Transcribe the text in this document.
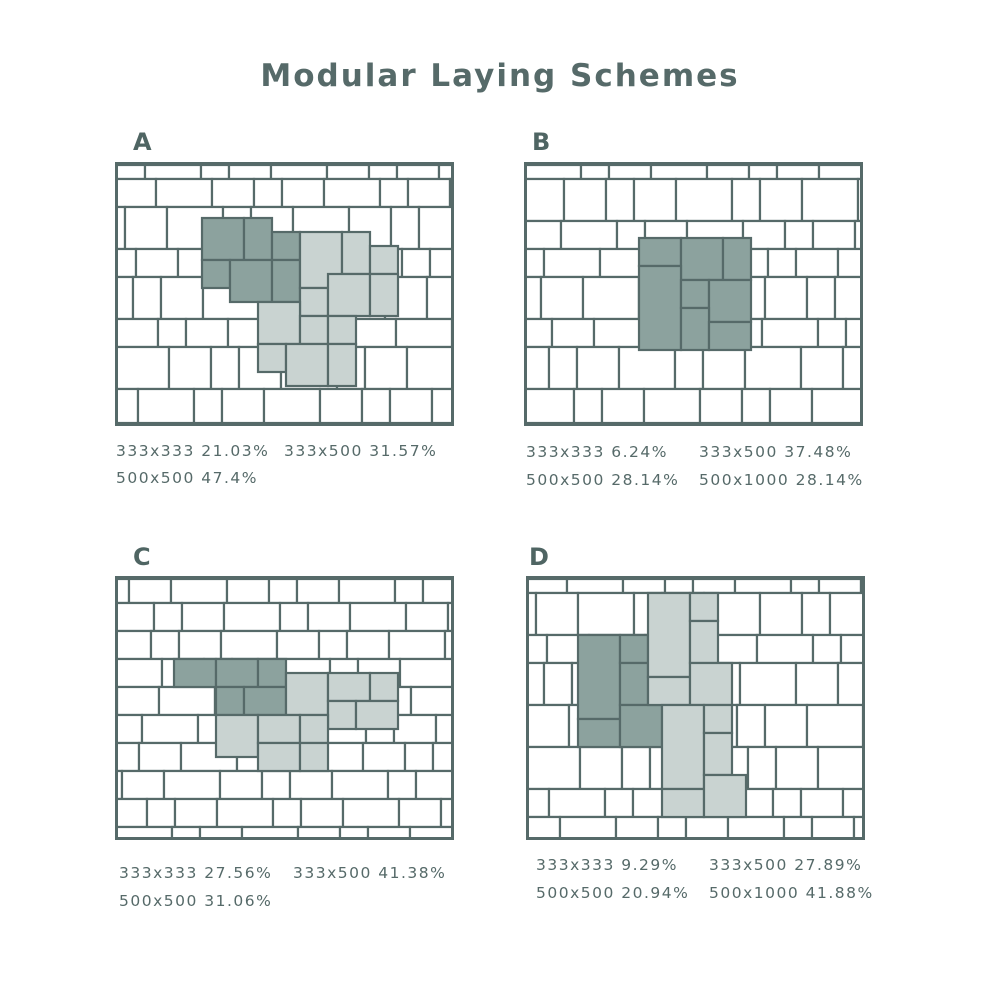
Modular Laying Schemes
A
333x333 21.03% 333x500 31.57%
500x500 47.4%
B
333x333 6.24% 333x500 37.48%
500x500 28.14% 500x1000 28.14%
C
333x333 27.56% 333x500 41.38%
500x500 31.06%
D
333x333 9.29% 333x500 27.89%
500x500 20.94% 500x1000 41.88%
